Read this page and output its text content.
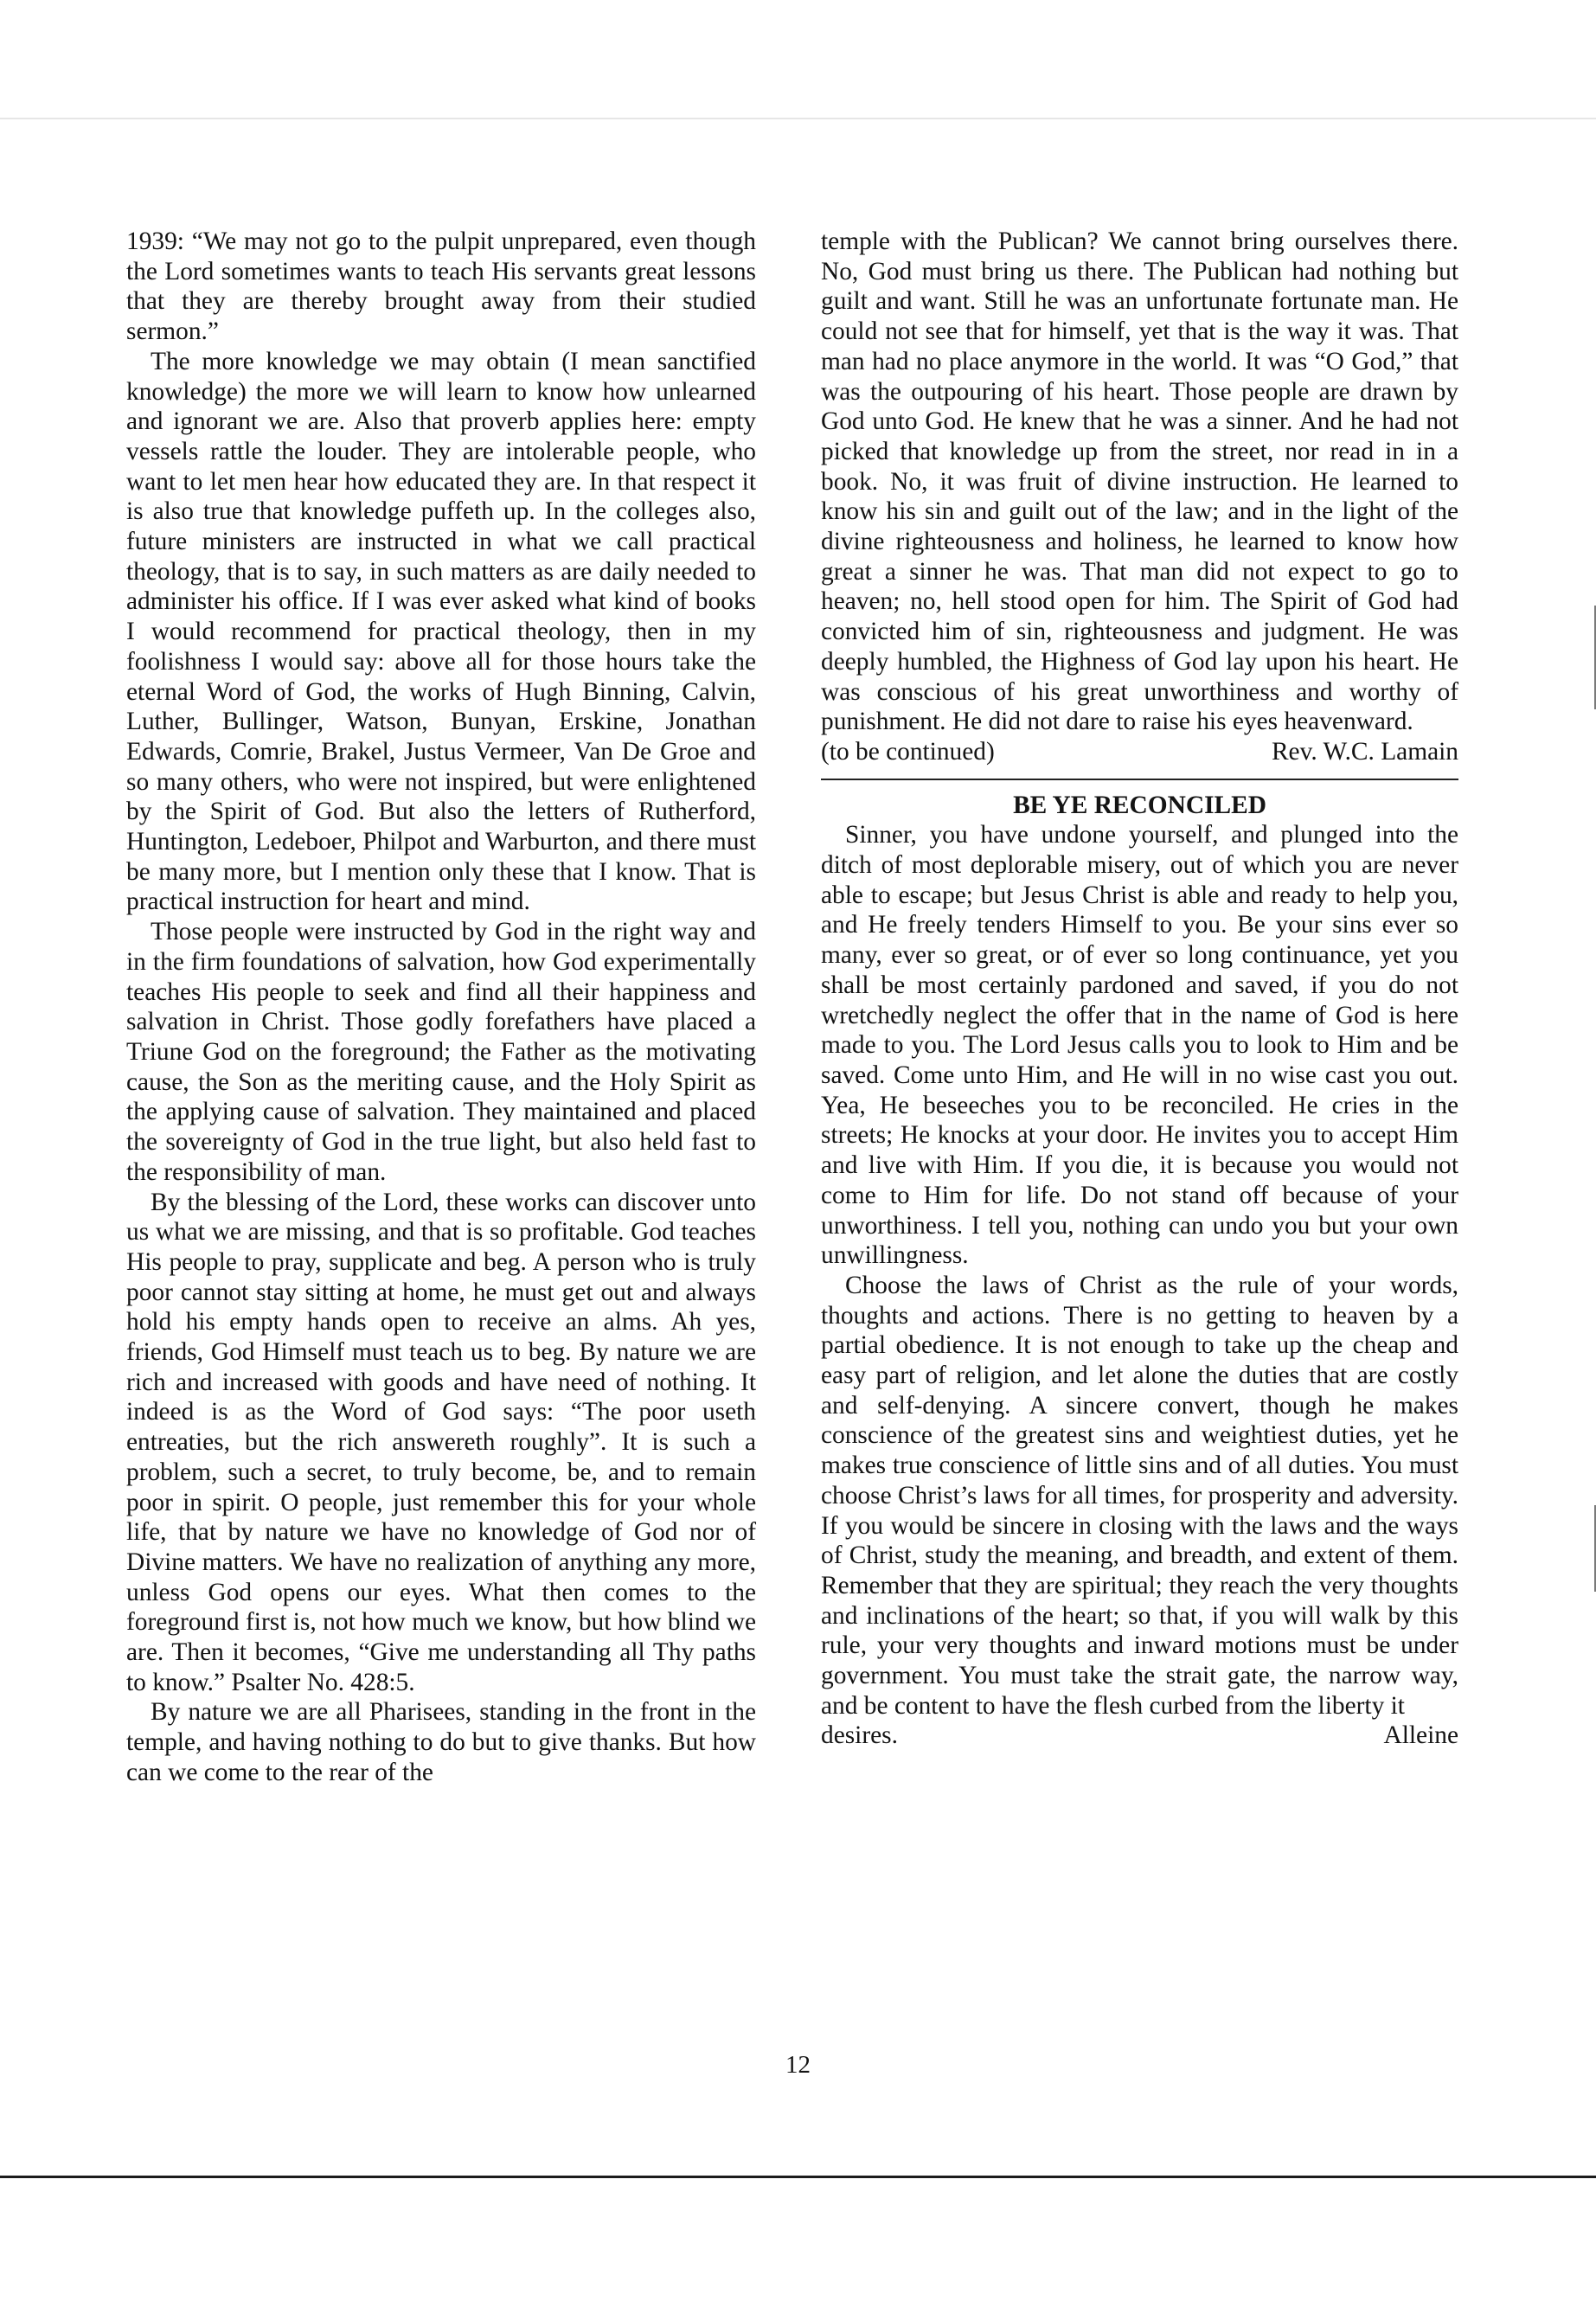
1939: “We may not go to the pulpit unprepared, even though the Lord sometimes wants to teach His servants great lessons that they are thereby brought away from their studied sermon.”

The more knowledge we may obtain (I mean sanctified knowledge) the more we will learn to know how unlearned and ignorant we are. Also that proverb applies here: empty vessels rattle the louder. They are intolerable people, who want to let men hear how educated they are. In that respect it is also true that knowledge puffeth up. In the colleges also, future ministers are instructed in what we call practical theology, that is to say, in such matters as are daily needed to administer his office. If I was ever asked what kind of books I would recommend for practical theology, then in my foolishness I would say: above all for those hours take the eternal Word of God, the works of Hugh Binning, Calvin, Luther, Bullinger, Watson, Bunyan, Erskine, Jonathan Edwards, Comrie, Brakel, Justus Vermeer, Van De Groe and so many others, who were not inspired, but were enlightened by the Spirit of God. But also the letters of Rutherford, Huntington, Ledeboer, Philpot and Warburton, and there must be many more, but I mention only these that I know. That is practical instruction for heart and mind.

Those people were instructed by God in the right way and in the firm foundations of salvation, how God experimentally teaches His people to seek and find all their happiness and salvation in Christ. Those godly forefathers have placed a Triune God on the foreground; the Father as the motivating cause, the Son as the meriting cause, and the Holy Spirit as the applying cause of salvation. They maintained and placed the sovereignty of God in the true light, but also held fast to the responsibility of man.

By the blessing of the Lord, these works can discover unto us what we are missing, and that is so profitable. God teaches His people to pray, supplicate and beg. A person who is truly poor cannot stay sitting at home, he must get out and always hold his empty hands open to receive an alms. Ah yes, friends, God Himself must teach us to beg. By nature we are rich and increased with goods and have need of nothing. It indeed is as the Word of God says: “The poor useth entreaties, but the rich answereth roughly”. It is such a problem, such a secret, to truly become, be, and to remain poor in spirit. O people, just remember this for your whole life, that by nature we have no knowledge of God nor of Divine matters. We have no realization of anything any more, unless God opens our eyes. What then comes to the foreground first is, not how much we know, but how blind we are. Then it becomes, “Give me understanding all Thy paths to know.” Psalter No. 428:5.

By nature we are all Pharisees, standing in the front in the temple, and having nothing to do but to give thanks. But how can we come to the rear of the

temple with the Publican? We cannot bring ourselves there. No, God must bring us there. The Publican had nothing but guilt and want. Still he was an unfortunate fortunate man. He could not see that for himself, yet that is the way it was. That man had no place anymore in the world. It was “O God,” that was the outpouring of his heart. Those people are drawn by God unto God. He knew that he was a sinner. And he had not picked that knowledge up from the street, nor read in in a book. No, it was fruit of divine instruction. He learned to know his sin and guilt out of the law; and in the light of the divine righteousness and holiness, he learned to know how great a sinner he was. That man did not expect to go to heaven; no, hell stood open for him. The Spirit of God had convicted him of sin, righteousness and judgment. He was deeply humbled, the Highness of God lay upon his heart. He was conscious of his great unworthiness and worthy of punishment. He did not dare to raise his eyes heavenward.

(to be continued)	Rev. W.C. Lamain
BE YE RECONCILED

Sinner, you have undone yourself, and plunged into the ditch of most deplorable misery, out of which you are never able to escape; but Jesus Christ is able and ready to help you, and He freely tenders Himself to you. Be your sins ever so many, ever so great, or of ever so long continuance, yet you shall be most certainly pardoned and saved, if you do not wretchedly neglect the offer that in the name of God is here made to you. The Lord Jesus calls you to look to Him and be saved. Come unto Him, and He will in no wise cast you out. Yea, He beseeches you to be reconciled. He cries in the streets; He knocks at your door. He invites you to accept Him and live with Him. If you die, it is because you would not come to Him for life. Do not stand off because of your unworthiness. I tell you, nothing can undo you but your own unwillingness.

Choose the laws of Christ as the rule of your words, thoughts and actions. There is no getting to heaven by a partial obedience. It is not enough to take up the cheap and easy part of religion, and let alone the duties that are costly and self-denying. A sincere convert, though he makes conscience of the greatest sins and weightiest duties, yet he makes true conscience of little sins and of all duties. You must choose Christ’s laws for all times, for prosperity and adversity. If you would be sincere in closing with the laws and the ways of Christ, study the meaning, and breadth, and extent of them. Remember that they are spiritual; they reach the very thoughts and inclinations of the heart; so that, if you will walk by this rule, your very thoughts and inward motions must be under government. You must take the strait gate, the narrow way, and be content to have the flesh curbed from the liberty it

desires.	Alleine
12
